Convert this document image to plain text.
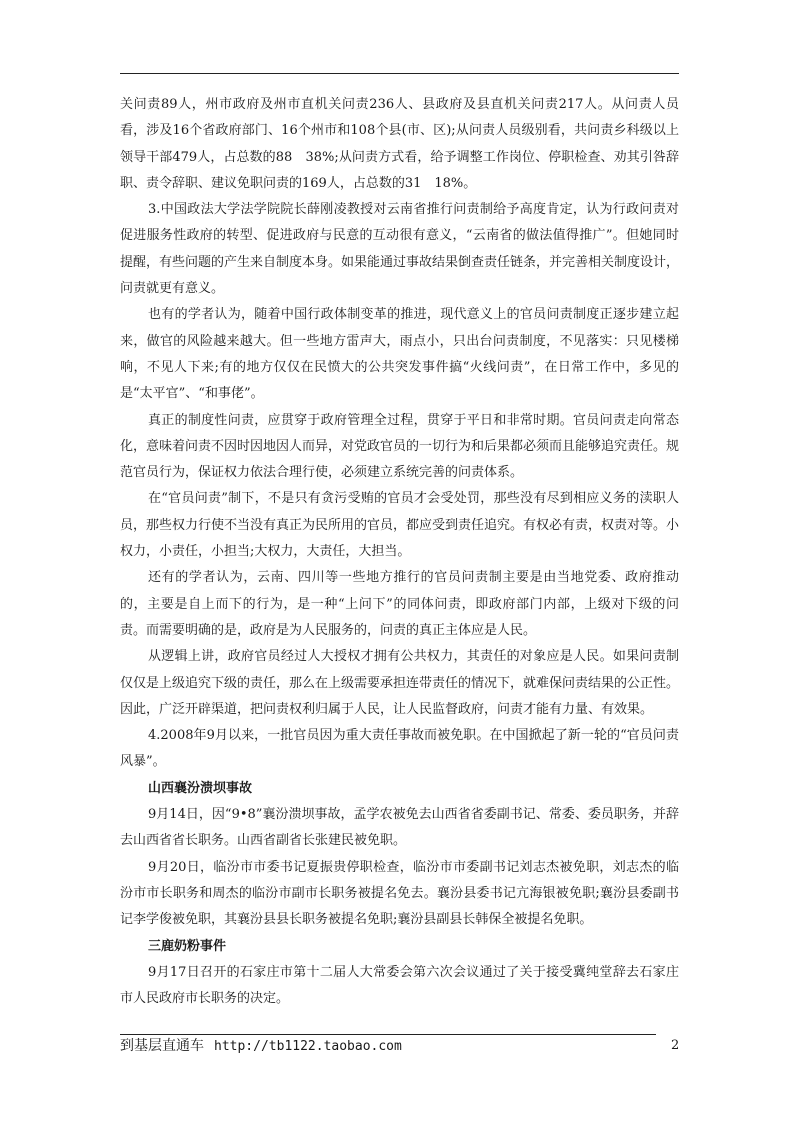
关问责89人，州市政府及州市直机关问责236人、县政府及县直机关问责217人。从问责人员看，涉及16个省政府部门、16个州市和108个县(市、区);从问责人员级别看，共问责乡科级以上领导干部479人，占总数的88　38%;从问责方式看，给予调整工作岗位、停职检查、劝其引咎辞职、责令辞职、建议免职问责的169人，占总数的31　18%。

3.中国政法大学法学院院长薛刚凌教授对云南省推行问责制给予高度肯定，认为行政问责对促进服务性政府的转型、促进政府与民意的互动很有意义，“云南省的做法值得推广”。但她同时提醒，有些问题的产生来自制度本身。如果能通过事故结果倒查责任链条，并完善相关制度设计，问责就更有意义。

也有的学者认为，随着中国行政体制变革的推进，现代意义上的官员问责制度正逐步建立起来，做官的风险越来越大。但一些地方雷声大，雨点小，只出台问责制度，不见落实：只见楼梯响，不见人下来;有的地方仅仅在民愤大的公共突发事件搞“火线问责”，在日常工作中，多见的是“太平官”、“和事佬”。

真正的制度性问责，应贯穿于政府管理全过程，贯穿于平日和非常时期。官员问责走向常态化，意味着问责不因时因地因人而异，对党政官员的一切行为和后果都必须而且能够追究责任。规范官员行为，保证权力依法合理行使，必须建立系统完善的问责体系。

在“官员问责”制下，不是只有贪污受贿的官员才会受处罚，那些没有尽到相应义务的渎职人员，那些权力行使不当没有真正为民所用的官员，都应受到责任追究。有权必有责，权责对等。小权力，小责任，小担当;大权力，大责任，大担当。

还有的学者认为，云南、四川等一些地方推行的官员问责制主要是由当地党委、政府推动的，主要是自上而下的行为，是一种“上问下”的同体问责，即政府部门内部，上级对下级的问责。而需要明确的是，政府是为人民服务的，问责的真正主体应是人民。

从逻辑上讲，政府官员经过人大授权才拥有公共权力，其责任的对象应是人民。如果问责制仅仅是上级追究下级的责任，那么在上级需要承担连带责任的情况下，就难保问责结果的公正性。因此，广泛开辟渠道，把问责权利归属于人民，让人民监督政府，问责才能有力量、有效果。

4.2008年9月以来，一批官员因为重大责任事故而被免职。在中国掀起了新一轮的“官员问责风暴”。

山西襄汾溃坝事故

9月14日，因“9•8”襄汾溃坝事故，孟学农被免去山西省省委副书记、常委、委员职务，并辞去山西省省长职务。山西省副省长张建民被免职。

9月20日，临汾市市委书记夏振贵停职检查，临汾市市委副书记刘志杰被免职，刘志杰的临汾市市长职务和周杰的临汾市副市长职务被提名免去。襄汾县委书记亢海银被免职;襄汾县委副书记李学俊被免职，其襄汾县县长职务被提名免职;襄汾县副县长韩保全被提名免职。

三鹿奶粉事件

9月17日召开的石家庄市第十二届人大常委会第六次会议通过了关于接受冀纯堂辞去石家庄市人民政府市长职务的决定。

到基层直通车 http://tb1122.taobao.com	2
